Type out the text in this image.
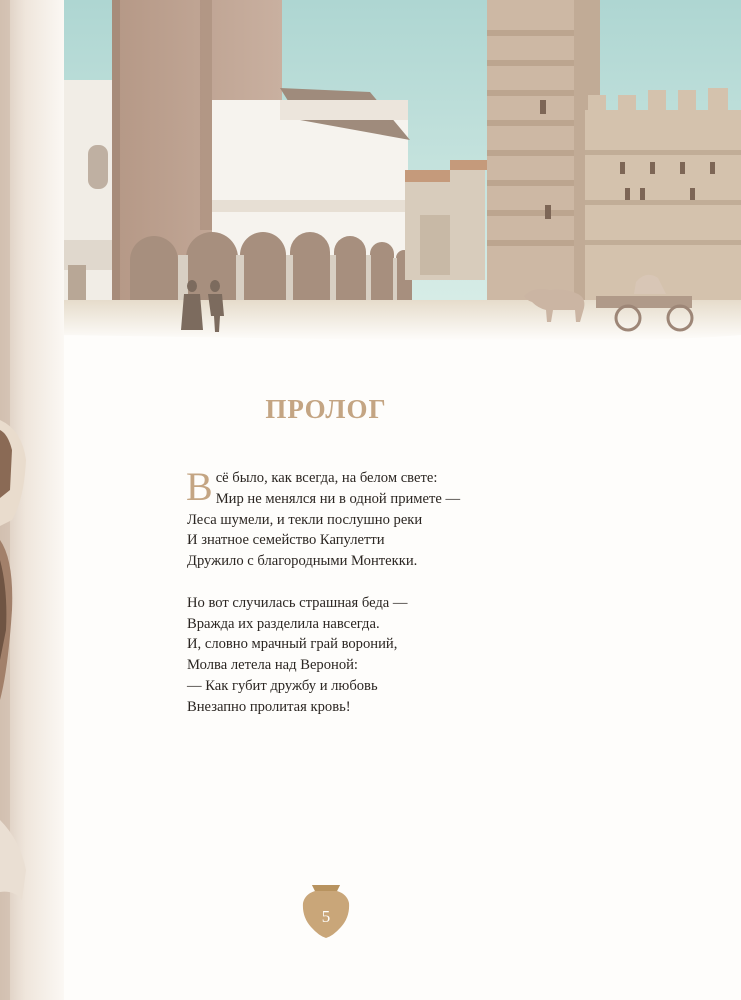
ПРОЛОГ
В сё было, как всегда, на белом свете:
Мир не менялся ни в одной примете —
Леса шумели, и текли послушно реки
И знатное семейство Капулетти
Дружило с благородными Монтекки.
Но вот случилась страшная беда —
Вражда их разделила навсегда.
И, словно мрачный грай вороний,
Молва летела над Вероной:
— Как губит дружбу и любовь
Внезапно пролитая кровь!
5
